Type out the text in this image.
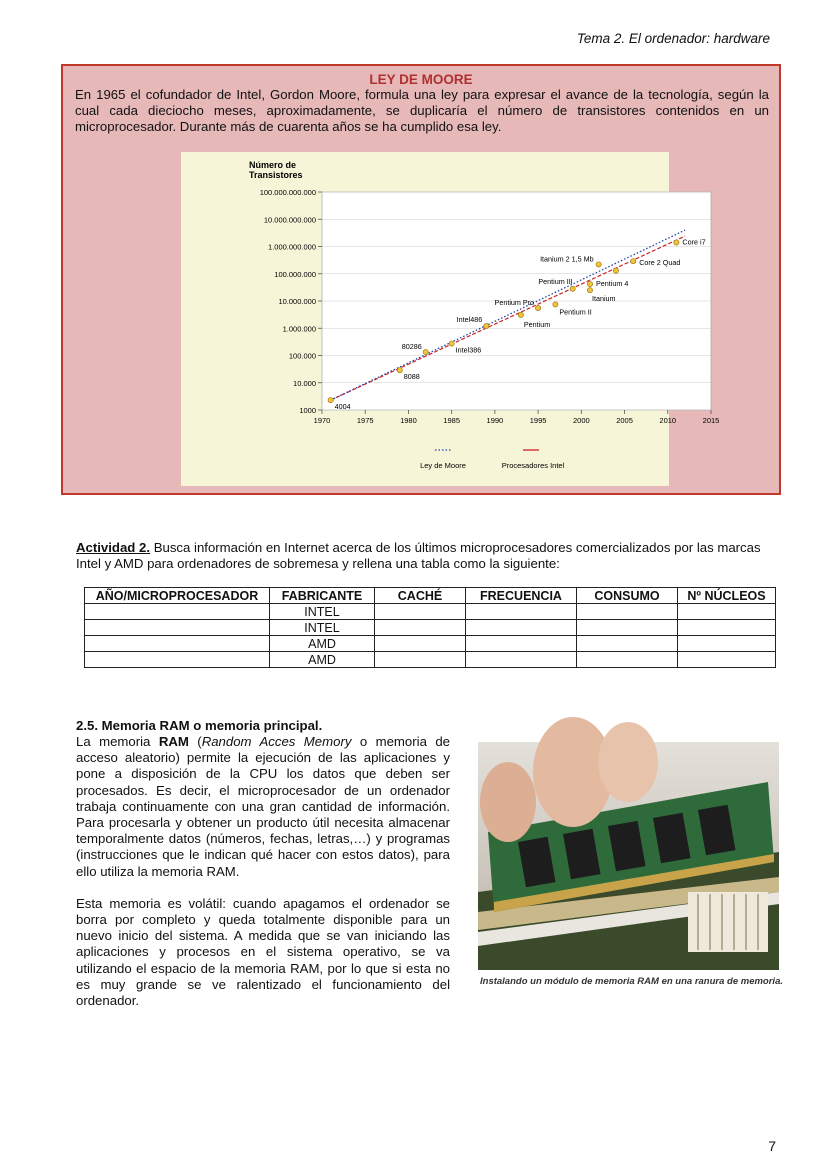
Tema 2. El ordenador: hardware
LEY DE MOORE
En 1965 el cofundador de Intel, Gordon Moore, formula una ley para expresar el avance de la tecnología, según la cual cada dieciocho meses, aproximadamente, se duplicaría el número de transistores contenidos en un microprocesador. Durante más de cuarenta años se ha cumplido esa ley.
Número de
Transistores
1000
10.000
100.000
1.000.000
10.000.000
100.000.000
1.000.000.000
10.000.000.000
100.000.000.000
1970	1975	1980	1985	1990	1995	2000	2005	2010	2015
4004
8088
80286	Intel386
Intel486
Pentium
Pentium Pro
Pentium II
Pentium III	Pentium 4
Itanium
Itanium 2 1,5 Mb	Core 2 Quad
Core i7
Ley de Moore	Procesadores Intel
Actividad 2. Busca información en Internet acerca de los últimos microprocesadores comercializados por las marcas Intel y AMD para ordenadores de sobremesa y rellena una tabla como la siguiente:
AÑO/MICROPROCESADOR	FABRICANTE	CACHÉ	FRECUENCIA	CONSUMO	Nº NÚCLEOS
	INTEL				
	INTEL				
	AMD				
	AMD				
2.5. Memoria RAM o memoria principal.

La memoria RAM (Random Acces Memory o memoria de acceso aleatorio) permite la ejecución de las aplicaciones y pone a disposición de la CPU los datos que deben ser procesados. Es decir, el microprocesador de un ordenador trabaja continuamente con una gran cantidad de información. Para procesarla y obtener un producto útil necesita almacenar temporalmente datos (números, fechas, letras,…) y programas (instrucciones que le indican qué hacer con estos datos), para ello utiliza la memoria RAM.

Esta memoria es volátil: cuando apagamos el ordenador se borra por completo y queda totalmente disponible para un nuevo inicio del sistema. A medida que se van iniciando las aplicaciones y procesos en el sistema operativo, se va utilizando el espacio de la memoria RAM, por lo que si esta no es muy grande se ve ralentizado el funcionamiento del ordenador.

Instalando un módulo de memoria RAM en una ranura de memoria.
7
